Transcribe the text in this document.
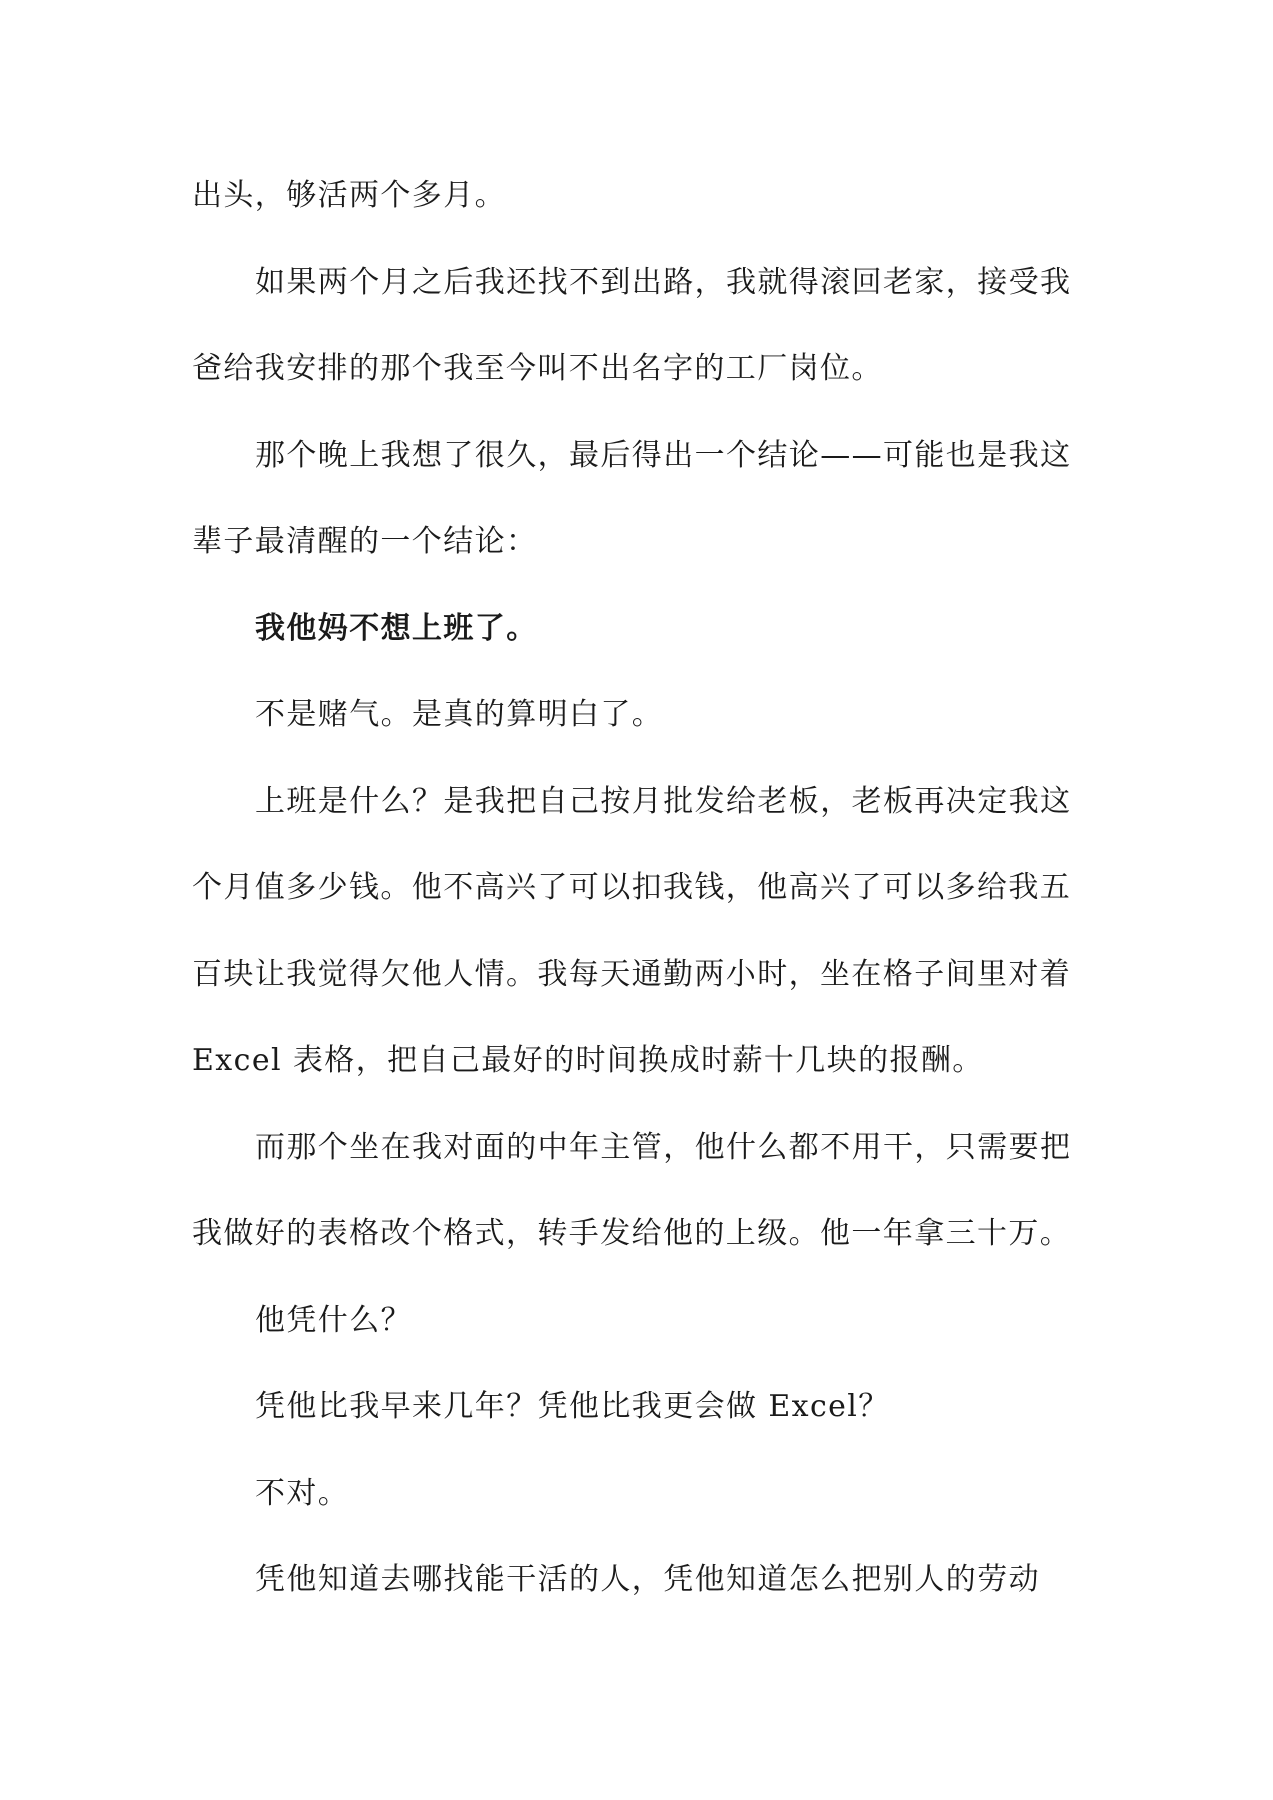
出头，够活两个多月。
如果两个月之后我还找不到出路，我就得滚回老家，接受我
爸给我安排的那个我至今叫不出名字的工厂岗位。
那个晚上我想了很久，最后得出一个结论——可能也是我这
辈子最清醒的一个结论：
我他妈不想上班了。
不是赌气。是真的算明白了。
上班是什么？是我把自己按月批发给老板，老板再决定我这
个月值多少钱。他不高兴了可以扣我钱，他高兴了可以多给我五
百块让我觉得欠他人情。我每天通勤两小时，坐在格子间里对着
Excel 表格，把自己最好的时间换成时薪十几块的报酬。
而那个坐在我对面的中年主管，他什么都不用干，只需要把
我做好的表格改个格式，转手发给他的上级。他一年拿三十万。
他凭什么？
凭他比我早来几年？凭他比我更会做 Excel？
不对。
凭他知道去哪找能干活的人，凭他知道怎么把别人的劳动
